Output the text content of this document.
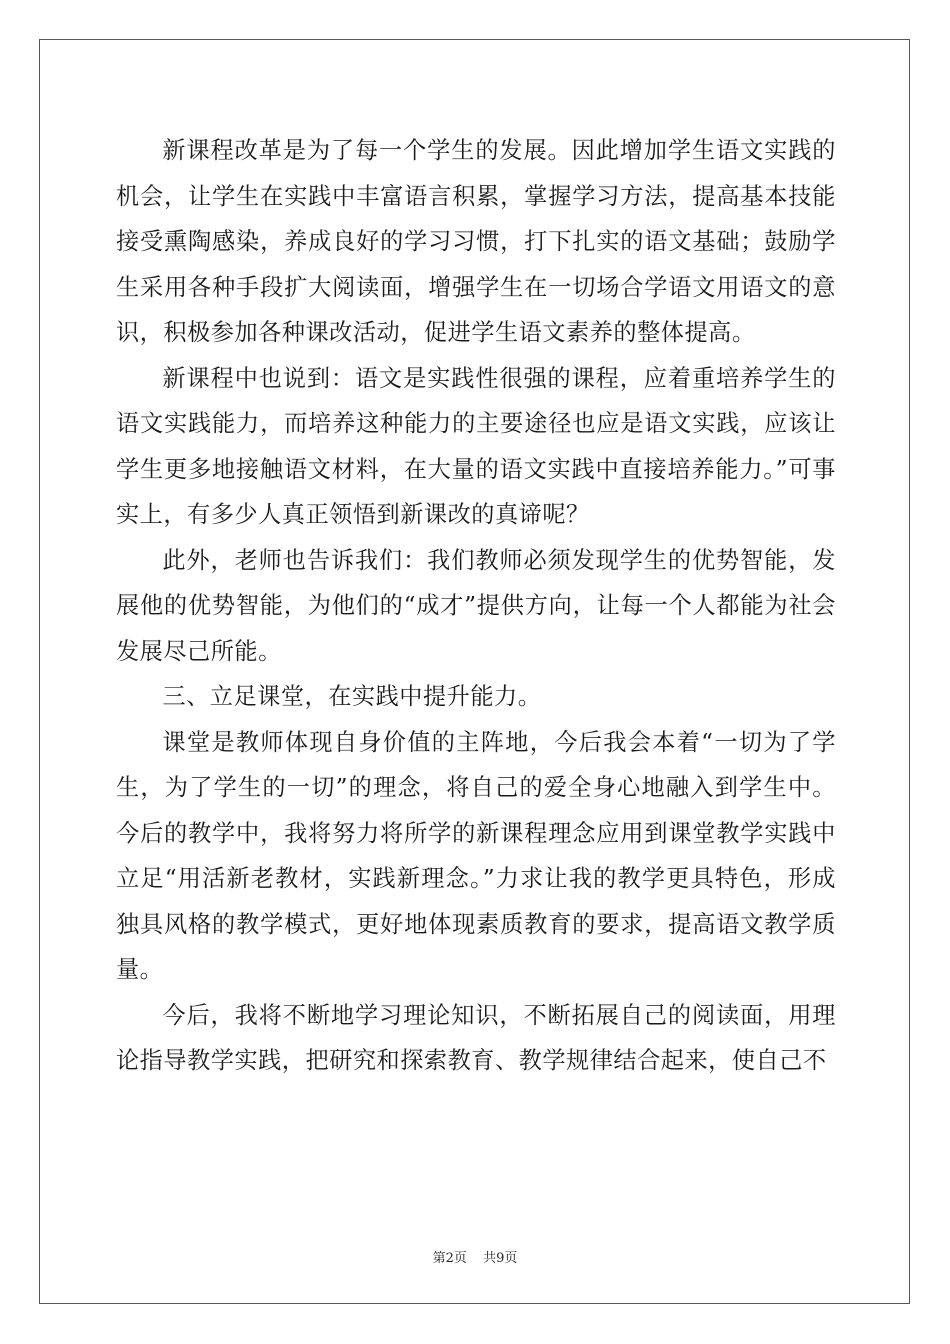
新课程改革是为了每一个学生的发展。因此增加学生语文实践的机会，让学生在实践中丰富语言积累，掌握学习方法，提高基本技能接受熏陶感染，养成良好的学习习惯，打下扎实的语文基础；鼓励学生采用各种手段扩大阅读面，增强学生在一切场合学语文用语文的意识，积极参加各种课改活动，促进学生语文素养的整体提高。

新课程中也说到：语文是实践性很强的课程，应着重培养学生的语文实践能力，而培养这种能力的主要途径也应是语文实践，应该让学生更多地接触语文材料，在大量的语文实践中直接培养能力。”可事实上，有多少人真正领悟到新课改的真谛呢？

此外，老师也告诉我们：我们教师必须发现学生的优势智能，发展他的优势智能，为他们的“成才”提供方向，让每一个人都能为社会发展尽己所能。

三、立足课堂，在实践中提升能力。

课堂是教师体现自身价值的主阵地，今后我会本着“一切为了学生，为了学生的一切”的理念，将自己的爱全身心地融入到学生中。今后的教学中，我将努力将所学的新课程理念应用到课堂教学实践中立足“用活新老教材，实践新理念。”力求让我的教学更具特色，形成独具风格的教学模式，更好地体现素质教育的要求，提高语文教学质量。

今后，我将不断地学习理论知识，不断拓展自己的阅读面，用理论指导教学实践，把研究和探索教育、教学规律结合起来，使自己不

第2页 共9页
